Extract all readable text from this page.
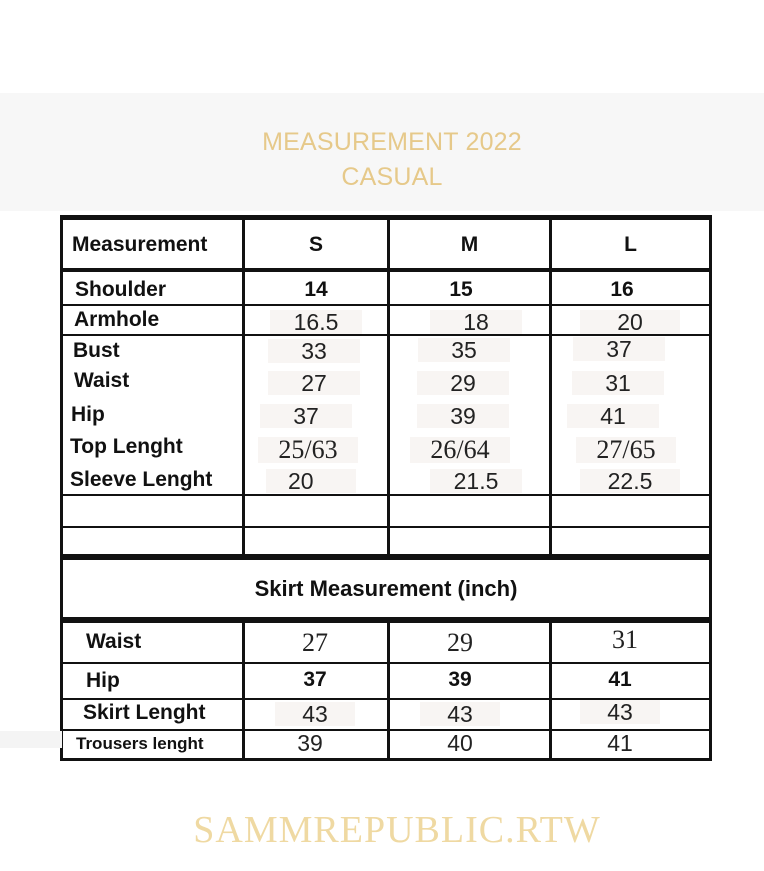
MEASUREMENT 2022
CASUAL
Measurement	S	M	L
Shoulder	14	15	16
Armhole	16.5	18	20
Bust	33	35	37
Waist	27	29	31
Hip	37	39	41
Top Lenght	25/63	26/64	27/65
Sleeve Lenght	20	21.5	22.5
Skirt Measurement (inch)
Waist	27	29	31
Hip	37	39	41
Skirt Lenght	43	43	43
Trousers lenght	39	40	41
SAMMREPUBLIC.RTW
